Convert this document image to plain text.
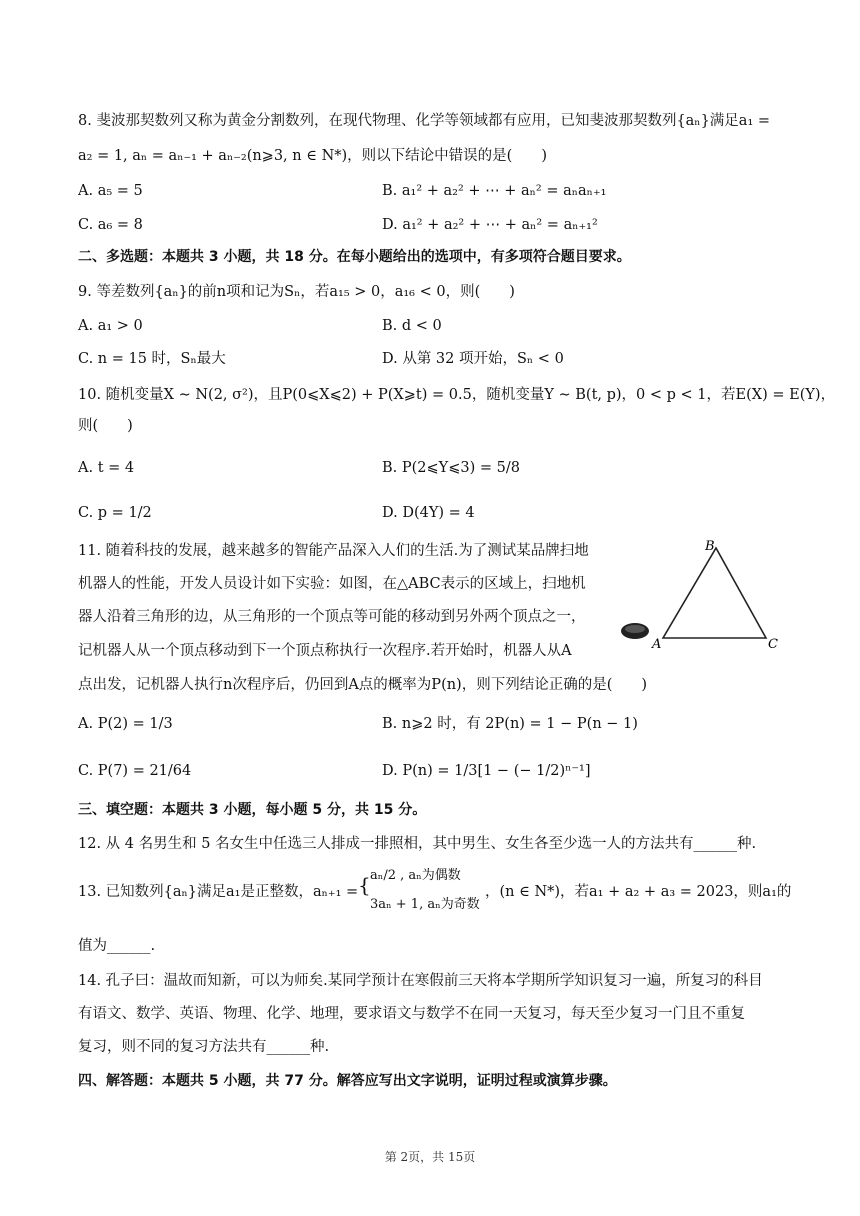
8. 斐波那契数列又称为黄金分割数列，在现代物理、化学等领域都有应用，已知斐波那契数列{aₙ}满足a₁ =
a₂ = 1, aₙ = aₙ₋₁ + aₙ₋₂(n⩾3, n ∈ N*)，则以下结论中错误的是(　　)
A. a₅ = 5	B. a₁² + a₂² + ⋯ + aₙ² = aₙaₙ₊₁
C. a₆ = 8	D. a₁² + a₂² + ⋯ + aₙ² = aₙ₊₁²
二、多选题：本题共 3 小题，共 18 分。在每小题给出的选项中，有多项符合题目要求。
9. 等差数列{aₙ}的前n项和记为Sₙ，若a₁₅ > 0，a₁₆ < 0，则(　　)
A. a₁ > 0	B. d < 0
C. n = 15 时，Sₙ最大	D. 从第 32 项开始，Sₙ < 0
10. 随机变量X ∼ N(2, σ²)，且P(0⩽X⩽2) + P(X⩾t) = 0.5，随机变量Y ∼ B(t, p)，0 < p < 1，若E(X) = E(Y)，
则(　　)
A. t = 4	B. P(2⩽Y⩽3) = 5/8
C. p = 1/2	D. D(4Y) = 4
11. 随着科技的发展，越来越多的智能产品深入人们的生活.为了测试某品牌扫地
机器人的性能，开发人员设计如下实验：如图，在△ABC表示的区域上，扫地机
器人沿着三角形的边，从三角形的一个顶点等可能的移动到另外两个顶点之一，
记机器人从一个顶点移动到下一个顶点称执行一次程序.若开始时，机器人从A
点出发，记机器人执行n次程序后，仍回到A点的概率为P(n)，则下列结论正确的是(　　)
A
B
C
A. P(2) = 1/3	B. n⩾2 时，有 2P(n) = 1 − P(n − 1)
C. P(7) = 21/64	D. P(n) = 1/3[1 − (− 1/2)ⁿ⁻¹]
三、填空题：本题共 3 小题，每小题 5 分，共 15 分。
12. 从 4 名男生和 5 名女生中任选三人排成一排照相，其中男生、女生各至少选一人的方法共有______种.
13. 已知数列{aₙ}满足a₁是正整数，aₙ₊₁ = { aₙ/2 , aₙ为偶数
3aₙ + 1, aₙ为奇数
，(n ∈ N*)，若a₁ + a₂ + a₃ = 2023，则a₁的
值为______.
14. 孔子曰：温故而知新，可以为师矣.某同学预计在寒假前三天将本学期所学知识复习一遍，所复习的科目
有语文、数学、英语、物理、化学、地理，要求语文与数学不在同一天复习，每天至少复习一门且不重复
复习，则不同的复习方法共有______种.
四、解答题：本题共 5 小题，共 77 分。解答应写出文字说明，证明过程或演算步骤。
第 2页，共 15页
